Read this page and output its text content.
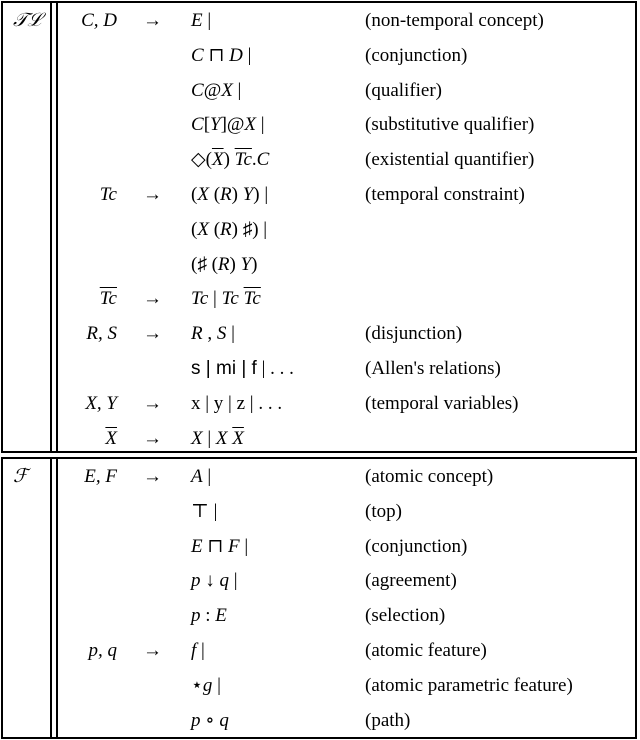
𝒯ℒ C, D → E |	(non-temporal concept)
C ⊓ D |	(conjunction)
C@X |	(qualifier)
C[Y]@X |	(substitutive qualifier)
$◇(\overline{X})$ $\overline{Tc}.C$	(existential quantifier)
Tc → (X (R) Y) |	(temporal constraint)
(X (R) ♯) |
(♯ (R) Y)
$\overline{Tc} \to Tc$ | Tc $\overline{Tc}$
R, S → R , S |	(disjunction)
s | mi | f | . . .	(Allen's relations)
X, Y → x | y | z | . . .	(temporal variables)
$\overline{X} \to X$ | X $\overline{X}$
ℱ	E, F → A |	(atomic concept)
⊤ |	(top)
E ⊓ F |	(conjunction)
p ↓ q |	(agreement)
p : E	(selection)
p, q → f |	(atomic feature)
⋆g |	(atomic parametric feature)
p ∘ q	(path)
